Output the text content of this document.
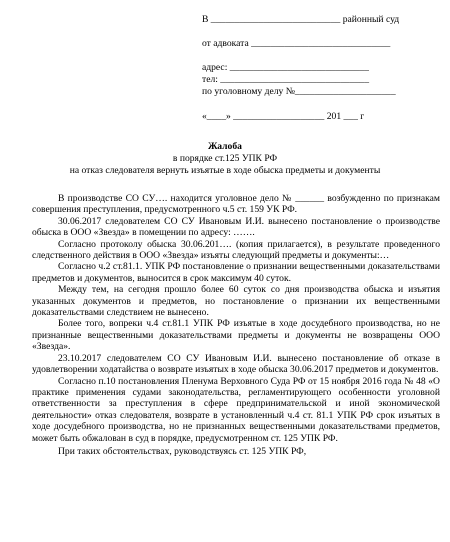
В ___________________________ районный суд
от адвоката _____________________________
адрес: _____________________________
тел: _______________________________
по уголовному делу №_____________________
«____» ___________________ 201 ___ г
Жалоба
в порядке ст.125 УПК РФ
на отказ следователя вернуть изъятые в ходе обыска предметы и документы

В производстве СО СУ…. находится уголовное дело № ______ возбужденно по признакам совершения преступления, предусмотренного ч.5 ст. 159 УК РФ.

30.06.2017 следователем СО СУ Ивановым И.И. вынесено постановление о производстве обыска в ООО «Звезда» в помещении по адресу: …….

Согласно протоколу обыска 30.06.201…. (копия прилагается), в результате проведенного следственного действия в ООО «Звезда» изъяты следующий предметы и документы:…

Согласно ч.2 ст.81.1. УПК РФ постановление о признании вещественными доказательствами предметов и документов, выносится в срок максимум 40 суток.

Между тем, на сегодня прошло более 60 суток со дня производства обыска и изъятия указанных документов и предметов, но постановление о признании их вещественными доказательствами следствием не вынесено.

Более того, вопреки ч.4 ст.81.1 УПК РФ изъятые в ходе досудебного производства, но не признанные вещественными доказательствами предметы и документы не возвращены ООО «Звезда».

23.10.2017 следователем СО СУ Ивановым И.И. вынесено постановление об отказе в удовлетворении ходатайства о возврате изъятых в ходе обыска 30.06.2017 предметов и документов.

Согласно п.10 постановления Пленума Верховного Суда РФ от 15 ноября 2016 года № 48 «О практике применения судами законодательства, регламентирующего особенности уголовной ответственности за преступления в сфере предпринимательской и иной экономической деятельности» отказ следователя, возврате в установленный ч.4 ст. 81.1 УПК РФ срок изъятых в ходе досудебного производства, но не признанных вещественными доказательствами предметов, может быть обжалован в суд в порядке, предусмотренном ст. 125 УПК РФ.

При таких обстоятельствах, руководствуясь ст. 125 УПК РФ,
